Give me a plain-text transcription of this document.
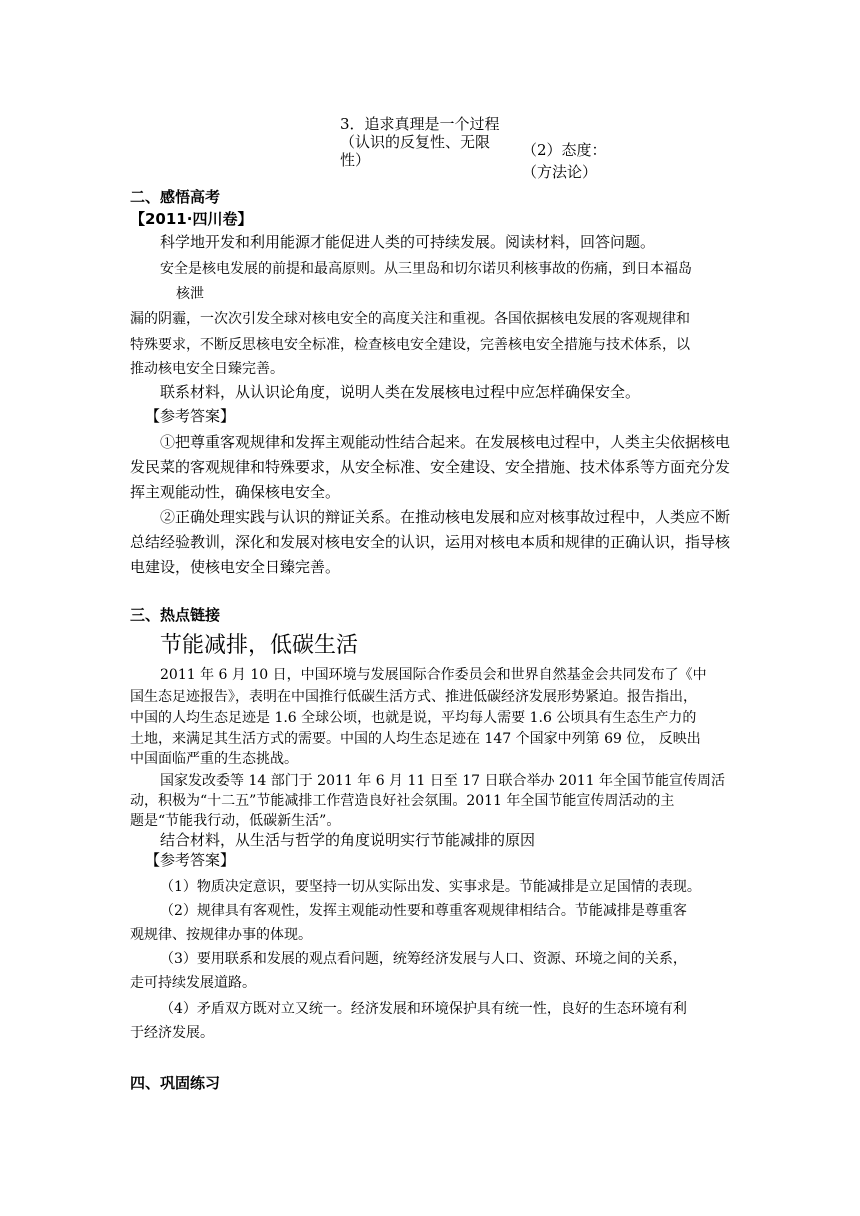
3．追求真理是一个过程
（认识的反复性、无限
性）
（2）态度：
（方法论）
二、感悟高考
【2011·四川卷】
科学地开发和利用能源才能促进人类的可持续发展。阅读材料，回答问题。
安全是核电发展的前提和最高原则。从三里岛和切尔诺贝利核事故的伤痛，到日本福岛
核泄
漏的阴霾，一次次引发全球对核电安全的高度关注和重视。各国依据核电发展的客观规律和
特殊要求，不断反思核电安全标准，检查核电安全建设，完善核电安全措施与技术体系，以
推动核电安全日臻完善。
联系材料，从认识论角度，说明人类在发展核电过程中应怎样确保安全。
【参考答案】
①把尊重客观规律和发挥主观能动性结合起来。在发展核电过程中，人类主尖依据核电
发民菜的客观规律和特殊要求，从安全标准、安全建设、安全措施、技术体系等方面充分发
挥主观能动性，确保核电安全。
②正确处理实践与认识的辩证关系。在推动核电发展和应对核事故过程中，人类应不断
总结经验教训，深化和发展对核电安全的认识，运用对核电本质和规律的正确认识，指导核
电建设，使核电安全日臻完善。
三、热点链接
节能减排，低碳生活
2011 年 6 月 10 日，中国环境与发展国际合作委员会和世界自然基金会共同发布了《中
国生态足迹报告》，表明在中国推行低碳生活方式、推进低碳经济发展形势紧迫。报告指出，
中国的人均生态足迹是 1.6 全球公顷，也就是说，平均每人需要 1.6 公顷具有生态生产力的
土地，来满足其生活方式的需要。中国的人均生态足迹在 147 个国家中列第 69 位， 反映出
中国面临严重的生态挑战。
国家发改委等 14 部门于 2011 年 6 月 11 日至 17 日联合举办 2011 年全国节能宣传周活
动，积极为“十二五”节能减排工作营造良好社会氛围。2011 年全国节能宣传周活动的主
题是“节能我行动，低碳新生活”。
结合材料，从生活与哲学的角度说明实行节能减排的原因
【参考答案】
（1）物质决定意识，要坚持一切从实际出发、实事求是。节能减排是立足国情的表现。
（2）规律具有客观性，发挥主观能动性要和尊重客观规律相结合。节能减排是尊重客
观规律、按规律办事的体现。
（3）要用联系和发展的观点看问题，统筹经济发展与人口、资源、环境之间的关系，
走可持续发展道路。
（4）矛盾双方既对立又统一。经济发展和环境保护具有统一性，良好的生态环境有利
于经济发展。
四、巩固练习
